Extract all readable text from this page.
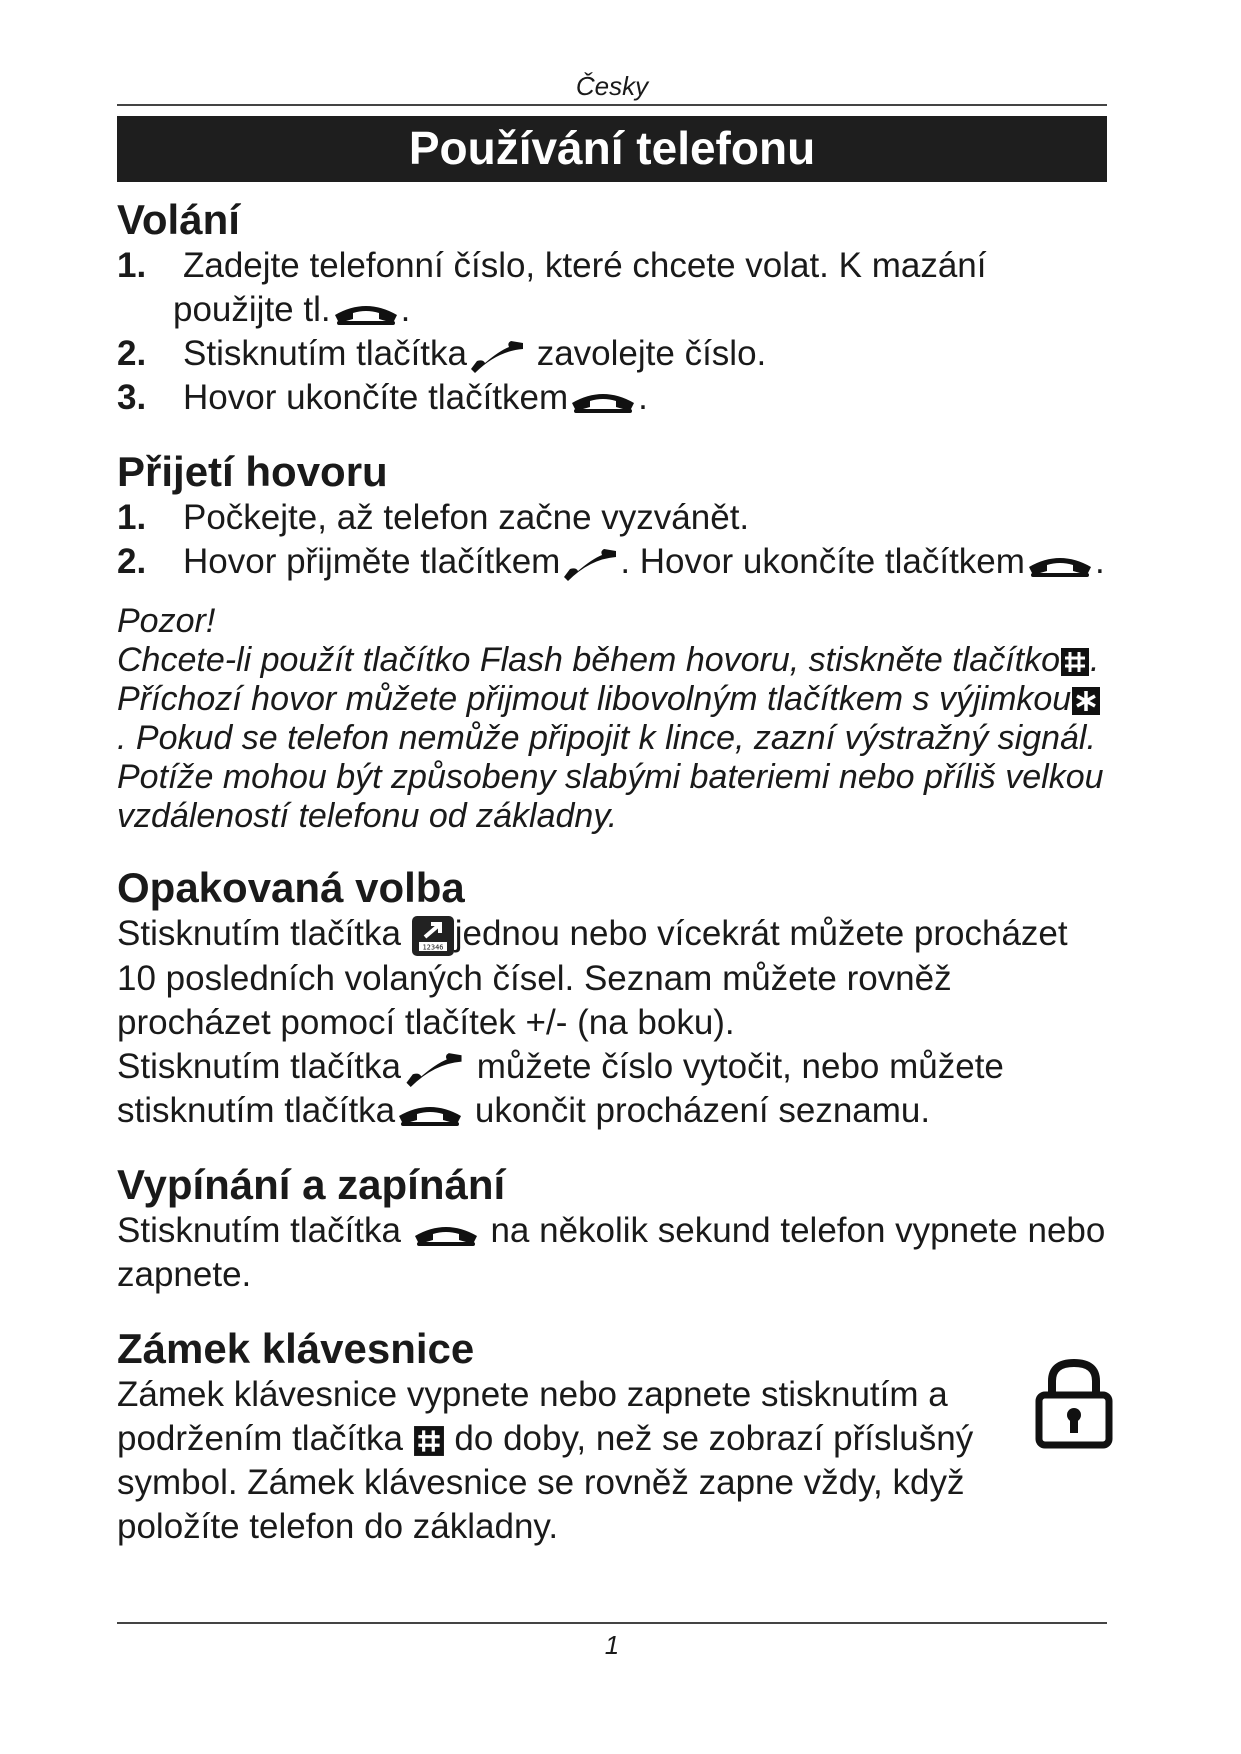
Česky
Používání telefonu
Volání
1. Zadejte telefonní číslo, které chcete volat. K mazání
použijte tl. .
2. Stisknutím tlačítka
zavolejte číslo.
3. Hovor ukončíte tlačítkem .
Přijetí hovoru
1. Počkejte, až telefon začne vyzvánět.
2. Hovor přijměte tlačítkem . Hovor ukončíte tlačítkem .
Pozor!
Chcete-li použít tlačítko Flash během hovoru, stiskněte tlačítko . Příchozí hovor můžete přijmout libovolným tlačítkem s výjimkou
. Pokud se telefon nemůže připojit k lince, zazní výstražný signál. Potíže mohou být způsobeny slabými bateriemi nebo příliš velkou vzdáleností telefonu od základny.
Opakovaná volba
Stisknutím tlačítka	12346 jednou nebo vícekrát můžete procházet 10 posledních volaných čísel. Seznam můžete rovněž procházet pomocí tlačítek +/- (na boku).
Stisknutím tlačítka
můžete číslo vytočit, nebo můžete stisknutím tlačítka
ukončit procházení seznamu.
Vypínání a zapínání
Stisknutím tlačítka
na několik sekund telefon vypnete nebo zapnete.
Zámek klávesnice
Zámek klávesnice vypnete nebo zapnete stisknutím a podržením tlačítka
do doby, než se zobrazí příslušný symbol. Zámek klávesnice se rovněž zapne vždy, když položíte telefon do základny.
1
